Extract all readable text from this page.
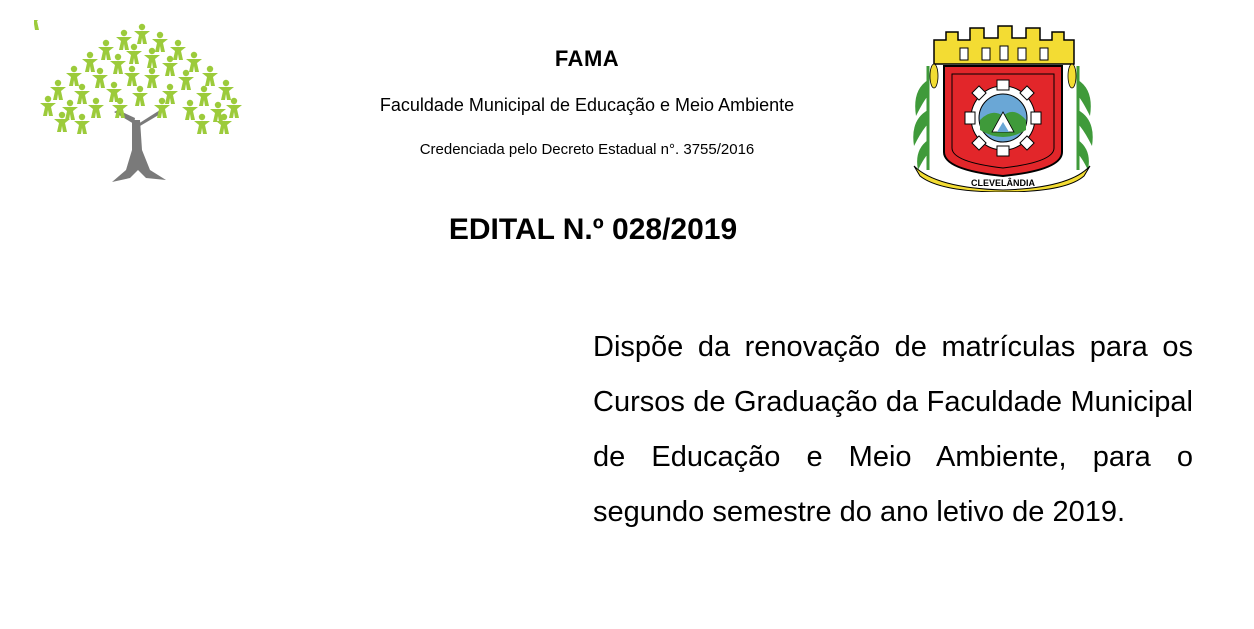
FAMA
Faculdade Municipal de Educação e Meio Ambiente
Credenciada pelo Decreto Estadual n°. 3755/2016
CLEVELÂNDIA
EDITAL N.º 028/2019
Dispõe da renovação de matrículas para os Cursos de Graduação da Faculdade Municipal de Educação e Meio Ambiente, para o segundo semestre do ano letivo de 2019.
